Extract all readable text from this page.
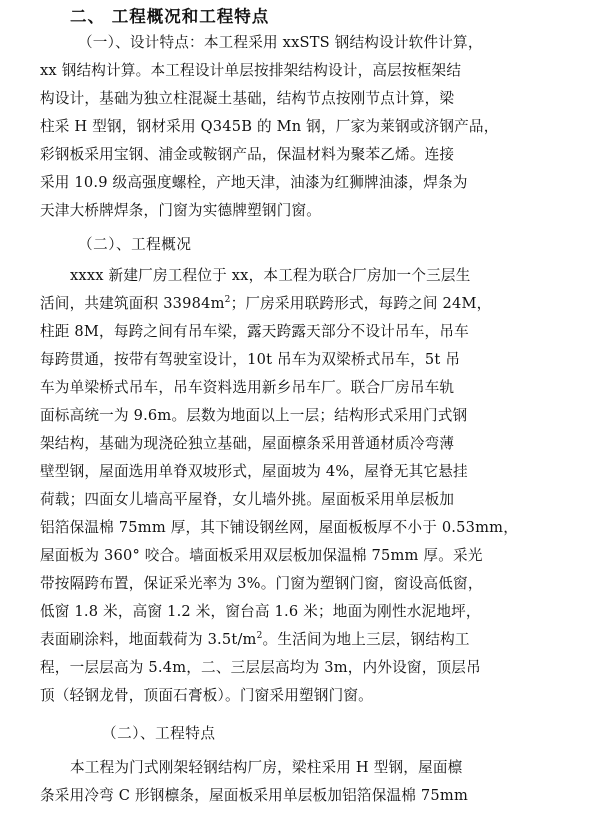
二、 工程概况和工程特点
（一）、设计特点：本工程采用 xxSTS 钢结构设计软件计算，
xx 钢结构计算。本工程设计单层按排架结构设计，高层按框架结
构设计，基础为独立柱混凝土基础，结构节点按刚节点计算，梁
柱采 H 型钢，钢材采用 Q345B 的 Mn 钢，厂家为莱钢或济钢产品，
彩钢板采用宝钢、浦金或鞍钢产品，保温材料为聚苯乙烯。连接
采用 10.9 级高强度螺栓，产地天津，油漆为红狮牌油漆，焊条为
天津大桥牌焊条，门窗为实德牌塑钢门窗。
（二）、工程概况
xxxx 新建厂房工程位于 xx，本工程为联合厂房加一个三层生
活间，共建筑面积 $33984m^2$；厂房采用联跨形式，每跨之间 24M，
柱距 8M，每跨之间有吊车梁，露天跨露天部分不设计吊车，吊车
每跨贯通，按带有驾驶室设计，10t 吊车为双梁桥式吊车，5t 吊
车为单梁桥式吊车，吊车资料选用新乡吊车厂。联合厂房吊车轨
面标高统一为 9.6m。层数为地面以上一层；结构形式采用门式钢
架结构，基础为现浇砼独立基础，屋面檩条采用普通材质冷弯薄
壁型钢，屋面选用单脊双坡形式，屋面坡为 4%，屋脊无其它悬挂
荷载；四面女儿墙高平屋脊，女儿墙外挑。屋面板采用单层板加
铝箔保温棉 75mm 厚，其下铺设钢丝网，屋面板板厚不小于 0.53mm，
屋面板为 360° 咬合。墙面板采用双层板加保温棉 75mm 厚。采光
带按隔跨布置，保证采光率为 3%。门窗为塑钢门窗，窗设高低窗，
低窗 1.8 米，高窗 1.2 米，窗台高 1.6 米；地面为刚性水泥地坪，
表面刷涂料，地面载荷为 $3.5t/m^2$。生活间为地上三层，钢结构工
程，一层层高为 5.4m，二、三层层高均为 3m，内外设窗，顶层吊
顶（轻钢龙骨，顶面石膏板）。门窗采用塑钢门窗。
（二）、工程特点
本工程为门式刚架轻钢结构厂房，梁柱采用 H 型钢，屋面檩
条采用冷弯 C 形钢檩条，屋面板采用单层板加铝箔保温棉 75mm
